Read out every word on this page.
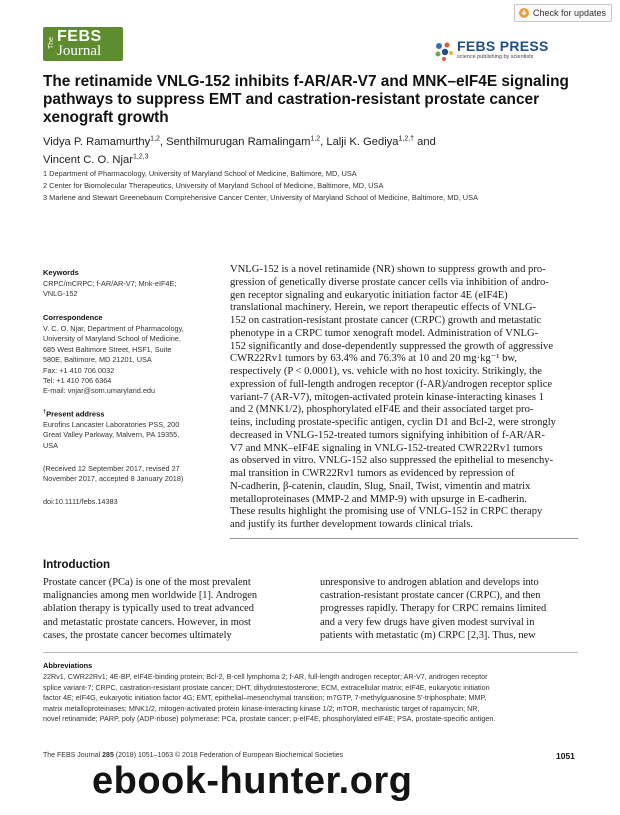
Check for updates
The FEBS
Journal	FEBS PRESS
science publishing by scientists
The retinamide VNLG-152 inhibits f-AR/AR-V7 and MNK–eIF4E signaling pathways to suppress EMT and castration-resistant prostate cancer xenograft growth
Vidya P. Ramamurthy$^{1,2}$, Senthilmurugan Ramalingam$^{1,2}$, Lalji K. Gediya$^{1,2,\dagger}$ and
Vincent C. O. Njar$^{1,2,3}$
1 Department of Pharmacology, University of Maryland School of Medicine, Baltimore, MD, USA
2 Center for Biomolecular Therapeutics, University of Maryland School of Medicine, Baltimore, MD, USA
3 Marlene and Stewart Greenebaum Comprehensive Cancer Center, University of Maryland School of Medicine, Baltimore, MD, USA
Keywords
CRPC/mCRPC; f-AR/AR-V7; Mnk-eIF4E;
VNLG-152
Correspondence
V. C. O. Njar, Department of Pharmacology,
University of Maryland School of Medicine,
685 West Baltimore Street, HSF1, Suite
580E, Baltimore, MD 21201, USA
Fax: +1 410 706 0032
Tel: +1 410 706 6364
E-mail: vnjar@som.umaryland.edu
†Present address
Eurofins Lancaster Laboratories PSS, 200
Great Valley Parkway, Malvern, PA 19355,
USA
(Received 12 September 2017, revised 27
November 2017, accepted 8 January 2018)
doi:10.1111/febs.14383
VNLG-152 is a novel retinamide (NR) shown to suppress growth and pro-
gression of genetically diverse prostate cancer cells via inhibition of andro-
gen receptor signaling and eukaryotic initiation factor 4E (eIF4E)
translational machinery. Herein, we report therapeutic effects of VNLG-
152 on castration-resistant prostate cancer (CRPC) growth and metastatic
phenotype in a CRPC tumor xenograft model. Administration of VNLG-
152 significantly and dose-dependently suppressed the growth of aggressive
CWR22Rv1 tumors by 63.4% and 76.3% at 10 and 20 mg·kg⁻¹ bw,
respectively (P < 0.0001), vs. vehicle with no host toxicity. Strikingly, the
expression of full-length androgen receptor (f-AR)/androgen receptor splice
variant-7 (AR-V7), mitogen-activated protein kinase-interacting kinases 1
and 2 (MNK1/2), phosphorylated eIF4E and their associated target pro-
teins, including prostate-specific antigen, cyclin D1 and Bcl-2, were strongly
decreased in VNLG-152-treated tumors signifying inhibition of f-AR/AR-
V7 and MNK–eIF4E signaling in VNLG-152-treated CWR22Rv1 tumors
as observed in vitro. VNLG-152 also suppressed the epithelial to mesenchy-
mal transition in CWR22Rv1 tumors as evidenced by repression of
N-cadherin, β-catenin, claudin, Slug, Snail, Twist, vimentin and matrix
metalloproteinases (MMP-2 and MMP-9) with upsurge in E-cadherin.
These results highlight the promising use of VNLG-152 in CRPC therapy
and justify its further development towards clinical trials.
Introduction
Prostate cancer (PCa) is one of the most prevalent
malignancies among men worldwide [1]. Androgen
ablation therapy is typically used to treat advanced
and metastatic prostate cancers. However, in most
cases, the prostate cancer becomes ultimately
unresponsive to androgen ablation and develops into
castration-resistant prostate cancer (CRPC), and then
progresses rapidly. Therapy for CRPC remains limited
and a very few drugs have given modest survival in
patients with metastatic (m) CRPC [2,3]. Thus, new
Abbreviations
22Rv1, CWR22Rv1; 4E-BP, eIF4E-binding protein; Bcl-2, B-cell lymphoma 2; f-AR, full-length androgen receptor; AR-V7, androgen receptor
splice variant-7; CRPC, castration-resistant prostate cancer; DHT, dihydrotestosterone; ECM, extracellular matrix; eIF4E, eukaryotic initiation
factor 4E; eIF4G, eukaryotic initiation factor 4G; EMT, epithelial–mesenchymal transition; m7GTP, 7-methylguanosine 5′-triphosphate; MMP,
matrix metalloproteinases; MNK1/2, mitogen-activated protein kinase-interacting kinase 1/2; mTOR, mechanistic target of rapamycin; NR,
novel retinamide; PARP, poly (ADP-ribose) polymerase; PCa, prostate cancer; p-eIF4E, phosphorylated eIF4E; PSA, prostate-specific antigen.
The FEBS Journal 285 (2018) 1051–1063 © 2018 Federation of European Biochemical Societies	1051
ebook-hunter.org
